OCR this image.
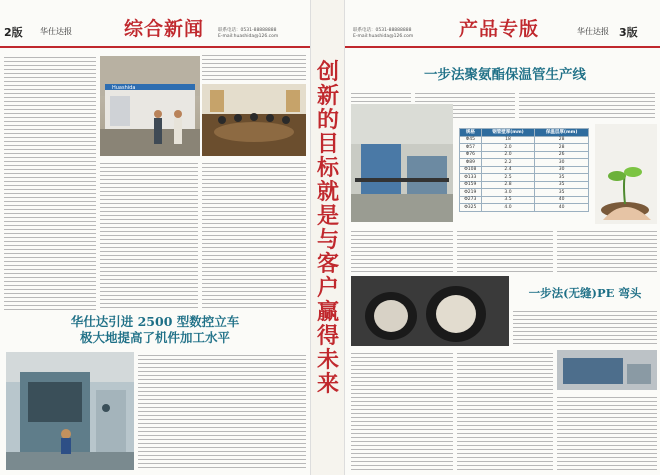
2版 华仕达报	综合新闻	联系电话：0531-88888888
E-mail:huashida@126.com
Huashida
华仕达引进 2500 型数控立车
极大地提高了机件加工水平
创新的目标就是与客户赢得未来
联系电话：0531-88888888
E-mail:huashida@126.com	产品专版	华仕达报 3版
一步法聚氨酯保温管生产线
规格	钢管壁厚(mm)	保温层厚(mm)
Φ45	18	28
Φ57	2.0	28
Φ76	2.0	26
Φ89	2.2	30
Φ108	2.4	30
Φ133	2.5	35
Φ159	2.8	35
Φ219	3.0	35
Φ273	3.5	40
Φ325	4.0	40
一步法(无缝)PE 弯头
